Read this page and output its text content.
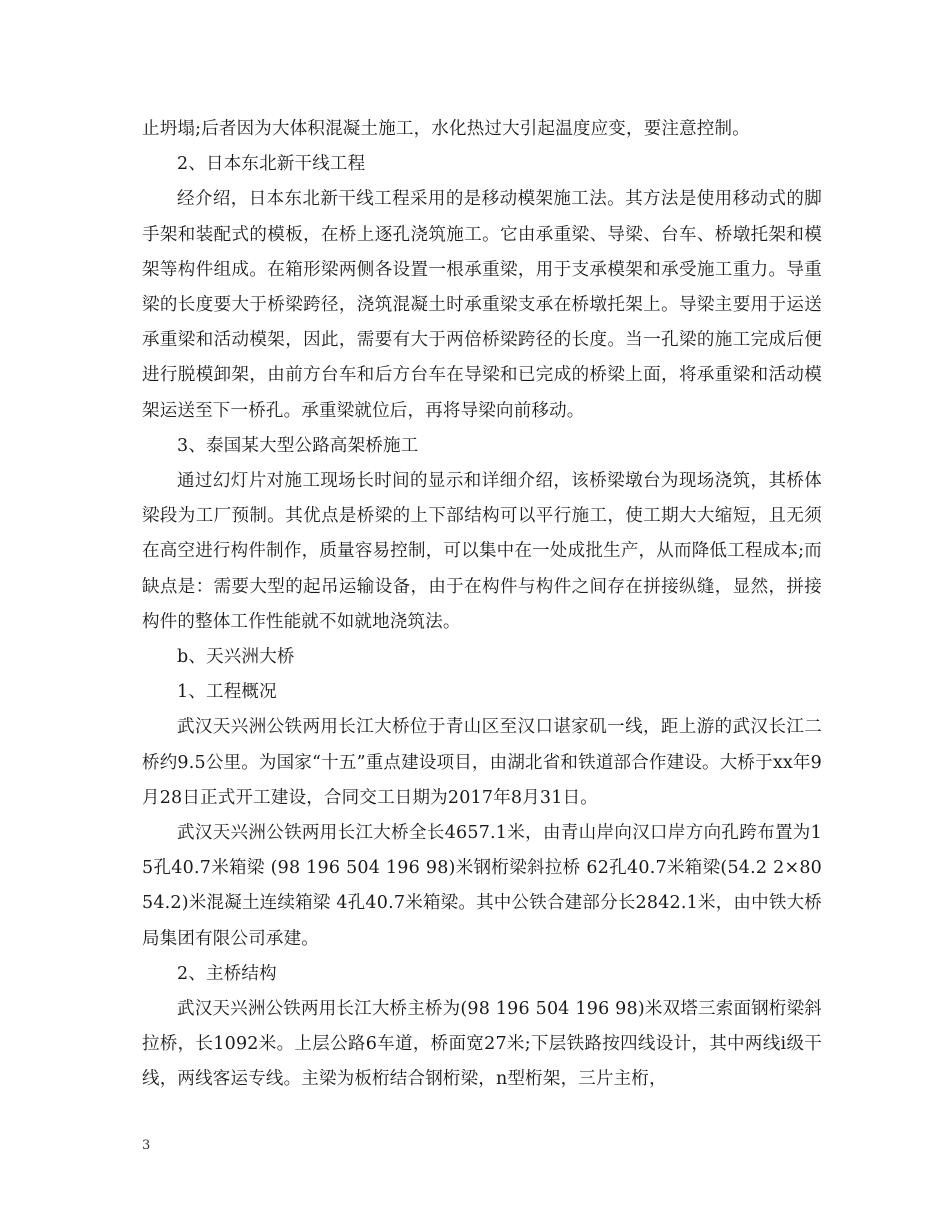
止坍塌;后者因为大体积混凝土施工，水化热过大引起温度应变，要注意控制。

2、日本东北新干线工程

经介绍，日本东北新干线工程采用的是移动模架施工法。其方法是使用移动式的脚手架和装配式的模板，在桥上逐孔浇筑施工。它由承重梁、导梁、台车、桥墩托架和模架等构件组成。在箱形梁两侧各设置一根承重梁，用于支承模架和承受施工重力。导重梁的长度要大于桥梁跨径，浇筑混凝土时承重梁支承在桥墩托架上。导梁主要用于运送承重梁和活动模架，因此，需要有大于两倍桥梁跨径的长度。当一孔梁的施工完成后便进行脱模卸架，由前方台车和后方台车在导梁和已完成的桥梁上面，将承重梁和活动模架运送至下一桥孔。承重梁就位后，再将导梁向前移动。

3、泰国某大型公路高架桥施工

通过幻灯片对施工现场长时间的显示和详细介绍，该桥梁墩台为现场浇筑，其桥体梁段为工厂预制。其优点是桥梁的上下部结构可以平行施工，使工期大大缩短，且无须在高空进行构件制作，质量容易控制，可以集中在一处成批生产，从而降低工程成本;而缺点是：需要大型的起吊运输设备，由于在构件与构件之间存在拼接纵缝，显然，拼接构件的整体工作性能就不如就地浇筑法。

b、天兴洲大桥

1、工程概况

武汉天兴洲公铁两用长江大桥位于青山区至汉口谌家矶一线，距上游的武汉长江二桥约9.5公里。为国家“十五”重点建设项目，由湖北省和铁道部合作建设。大桥于xx年9月28日正式开工建设，合同交工日期为2017年8月31日。

武汉天兴洲公铁两用长江大桥全长4657.1米，由青山岸向汉口岸方向孔跨布置为15孔40.7米箱梁 (98 196 504 196 98)米钢桁梁斜拉桥 62孔40.7米箱梁(54.2 2×80 54.2)米混凝土连续箱梁 4孔40.7米箱梁。其中公铁合建部分长2842.1米，由中铁大桥局集团有限公司承建。

2、主桥结构

武汉天兴洲公铁两用长江大桥主桥为(98 196 504 196 98)米双塔三索面钢桁梁斜拉桥，长1092米。上层公路6车道，桥面宽27米;下层铁路按四线设计，其中两线i级干线，两线客运专线。主梁为板桁结合钢桁梁，n型桁架，三片主桁，

3
